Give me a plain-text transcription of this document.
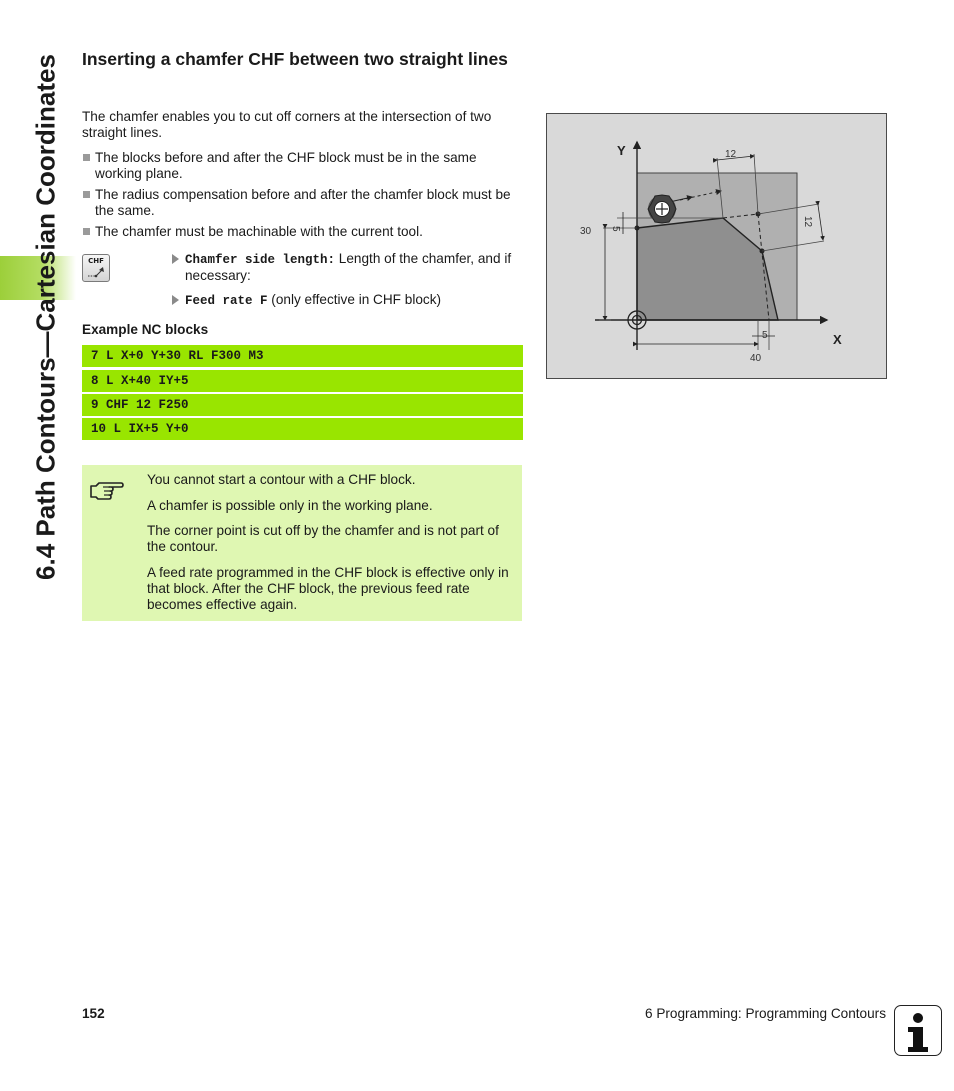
6.4 Path Contours—Cartesian Coordinates Inserting a chamfer CHF between two straight lines
The chamfer enables you to cut off corners at the intersection of two straight lines.
The blocks before and after the CHF block must be in the same working plane.
The radius compensation before and after the chamfer block must be the same.
The chamfer must be machinable with the current tool.
CHF	Chamfer side length: Length of the chamfer, and if necessary:
Feed rate F (only effective in CHF block)
Example NC blocks
7 L X+0 Y+30 RL F300 M3
8 L X+40 IY+5
9 CHF 12 F250
10 L IX+5 Y+0

You cannot start a contour with a CHF block.

A chamfer is possible only in the working plane.

The corner point is cut off by the chamfer and is not part of the contour.

A feed rate programmed in the CHF block is effective only in that block. After the CHF block, the previous feed rate becomes effective again.

Y
X
12
5
30
12
5
40
152	6 Programming: Programming Contours
